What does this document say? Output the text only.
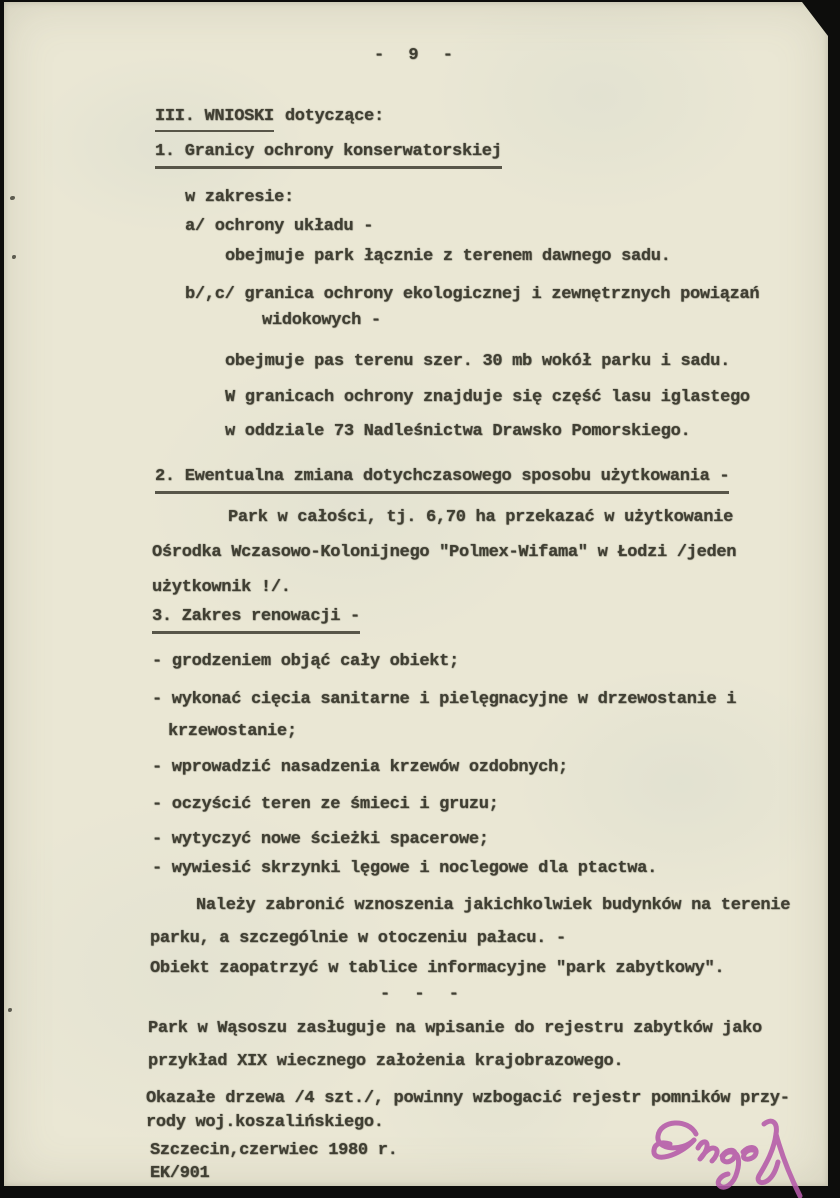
- 9 -
III. WNIOSKI dotyczące:
1. Granicy ochrony konserwatorskiej
w zakresie:
a/ ochrony układu -
obejmuje park łącznie z terenem dawnego sadu.
b/,c/ granica ochrony ekologicznej i zewnętrznych powiązań
widokowych -
obejmuje pas terenu szer. 30 mb wokół parku i sadu.
W granicach ochrony znajduje się część lasu iglastego
w oddziale 73 Nadleśnictwa Drawsko Pomorskiego.
2. Ewentualna zmiana dotychczasowego sposobu użytkowania -
Park w całości, tj. 6,70 ha przekazać w użytkowanie
Ośrodka Wczasowo-Kolonijnego "Polmex-Wifama" w Łodzi /jeden
użytkownik !/.
3. Zakres renowacji -
- grodzeniem objąć cały obiekt;
- wykonać cięcia sanitarne i pielęgnacyjne w drzewostanie i
krzewostanie;
- wprowadzić nasadzenia krzewów ozdobnych;
- oczyścić teren ze śmieci i gruzu;
- wytyczyć nowe ścieżki spacerowe;
- wywiesić skrzynki lęgowe i noclegowe dla ptactwa.
Należy zabronić wznoszenia jakichkolwiek budynków na terenie
parku, a szczególnie w otoczeniu pałacu. -
Obiekt zaopatrzyć w tablice informacyjne "park zabytkowy".
- - -
Park w Wąsoszu zasługuje na wpisanie do rejestru zabytków jako
przykład XIX wiecznego założenia krajobrazowego.
Okazałe drzewa /4 szt./, powinny wzbogacić rejestr pomników przy-
rody woj.koszalińskiego.
Szczecin,czerwiec 1980 r.
EK/901
